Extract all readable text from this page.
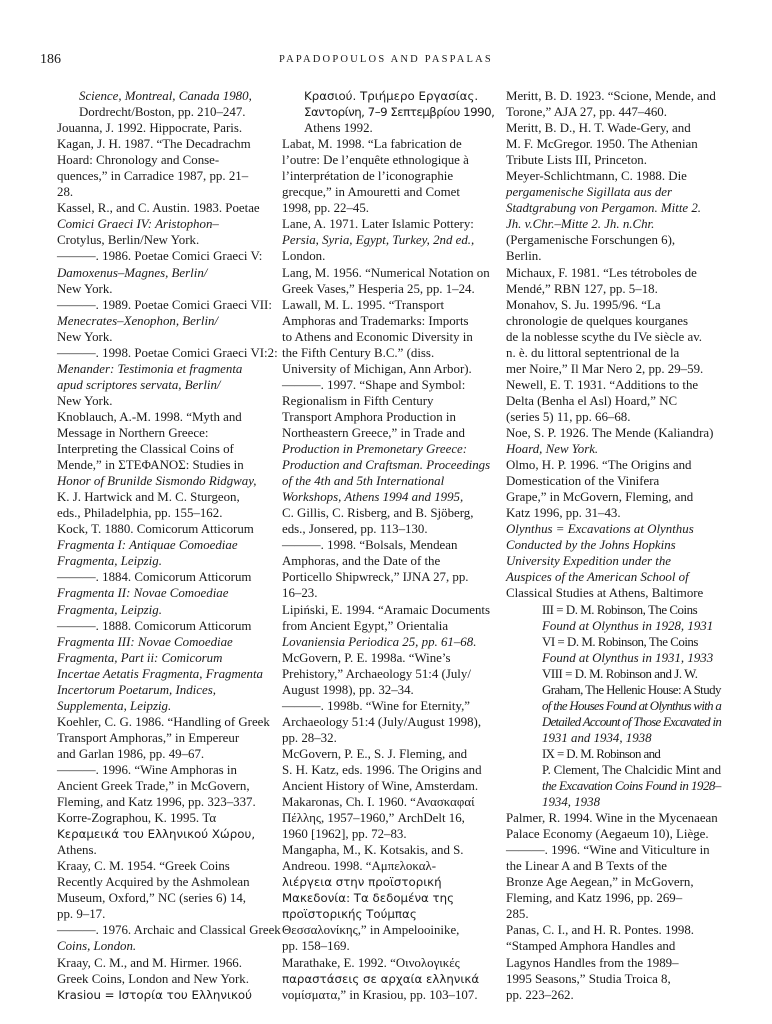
186	PAPADOPOULOS AND PASPALAS
Science, Montreal, Canada 1980,
Dordrecht/Boston, pp. 210–247.
Jouanna, J. 1992. Hippocrate, Paris.
Kagan, J. H. 1987. “The Decadrachm
Hoard: Chronology and Conse-
quences,” in Carradice 1987, pp. 21–
28.
Kassel, R., and C. Austin. 1983. Poetae
Comici Graeci IV: Aristophon–
Crotylus, Berlin/New York.
———. 1986. Poetae Comici Graeci V:
Damoxenus–Magnes, Berlin/
New York.
———. 1989. Poetae Comici Graeci VII:
Menecrates–Xenophon, Berlin/
New York.
———. 1998. Poetae Comici Graeci VI:2:
Menander: Testimonia et fragmenta
apud scriptores servata, Berlin/
New York.
Knoblauch, A.-M. 1998. “Myth and
Message in Northern Greece:
Interpreting the Classical Coins of
Mende,” in ΣΤΕΦΑΝΟΣ: Studies in
Honor of Brunilde Sismondo Ridgway,
K. J. Hartwick and M. C. Sturgeon,
eds., Philadelphia, pp. 155–162.
Kock, T. 1880. Comicorum Atticorum
Fragmenta I: Antiquae Comoediae
Fragmenta, Leipzig.
———. 1884. Comicorum Atticorum
Fragmenta II: Novae Comoediae
Fragmenta, Leipzig.
———. 1888. Comicorum Atticorum
Fragmenta III: Novae Comoediae
Fragmenta, Part ii: Comicorum
Incertae Aetatis Fragmenta, Fragmenta
Incertorum Poetarum, Indices,
Supplementa, Leipzig.
Koehler, C. G. 1986. “Handling of Greek
Transport Amphoras,” in Empereur
and Garlan 1986, pp. 49–67.
———. 1996. “Wine Amphoras in
Ancient Greek Trade,” in McGovern,
Fleming, and Katz 1996, pp. 323–337.
Korre-Zographou, K. 1995. Τα
Κεραμεικά του Ελληνικού Χώρου,
Athens.
Kraay, C. M. 1954. “Greek Coins
Recently Acquired by the Ashmolean
Museum, Oxford,” NC (series 6) 14,
pp. 9–17.
———. 1976. Archaic and Classical Greek
Coins, London.
Kraay, C. M., and M. Hirmer. 1966.
Greek Coins, London and New York.
Krasiou = Ιστορία του Ελληνικού
Κρασιού. Τριήμερο Εργασίας.
Σαντορίνη, 7–9 Σεπτεμβρίου 1990,
Athens 1992.
Labat, M. 1998. “La fabrication de
l’outre: De l’enquête ethnologique à
l’interprétation de l’iconographie
grecque,” in Amouretti and Comet
1998, pp. 22–45.
Lane, A. 1971. Later Islamic Pottery:
Persia, Syria, Egypt, Turkey, 2nd ed.,
London.
Lang, M. 1956. “Numerical Notation on
Greek Vases,” Hesperia 25, pp. 1–24.
Lawall, M. L. 1995. “Transport
Amphoras and Trademarks: Imports
to Athens and Economic Diversity in
the Fifth Century B.C.” (diss.
University of Michigan, Ann Arbor).
———. 1997. “Shape and Symbol:
Regionalism in Fifth Century
Transport Amphora Production in
Northeastern Greece,” in Trade and
Production in Premonetary Greece:
Production and Craftsman. Proceedings
of the 4th and 5th International
Workshops, Athens 1994 and 1995,
C. Gillis, C. Risberg, and B. Sjöberg,
eds., Jonsered, pp. 113–130.
———. 1998. “Bolsals, Mendean
Amphoras, and the Date of the
Porticello Shipwreck,” IJNA 27, pp.
16–23.
Lipiński, E. 1994. “Aramaic Documents
from Ancient Egypt,” Orientalia
Lovaniensia Periodica 25, pp. 61–68.
McGovern, P. E. 1998a. “Wine’s
Prehistory,” Archaeology 51:4 (July/
August 1998), pp. 32–34.
———. 1998b. “Wine for Eternity,”
Archaeology 51:4 (July/August 1998),
pp. 28–32.
McGovern, P. E., S. J. Fleming, and
S. H. Katz, eds. 1996. The Origins and
Ancient History of Wine, Amsterdam.
Makaronas, Ch. I. 1960. “Ανασκαφαί
Πέλλης, 1957–1960,” ArchDelt 16,
1960 [1962], pp. 72–83.
Mangapha, M., K. Kotsakis, and S.
Andreou. 1998. “Αμπελοκαλ-
λιέργεια στην προϊστορική
Μακεδονία: Τα δεδομένα της
προϊστορικής Τούμπας
Θεσσαλονίκης,” in Ampelooinike,
pp. 158–169.
Marathake, E. 1992. “Οινολογικές
παραστάσεις σε αρχαία ελληνικά
νομίσματα,” in Krasiou, pp. 103–107.
Meritt, B. D. 1923. “Scione, Mende, and
Torone,” AJA 27, pp. 447–460.
Meritt, B. D., H. T. Wade-Gery, and
M. F. McGregor. 1950. The Athenian
Tribute Lists III, Princeton.
Meyer-Schlichtmann, C. 1988. Die
pergamenische Sigillata aus der
Stadtgrabung von Pergamon. Mitte 2.
Jh. v.Chr.–Mitte 2. Jh. n.Chr.
(Pergamenische Forschungen 6),
Berlin.
Michaux, F. 1981. “Les tétroboles de
Mendé,” RBN 127, pp. 5–18.
Monahov, S. Ju. 1995/96. “La
chronologie de quelques kourganes
de la noblesse scythe du IVe siècle av.
n. è. du littoral septentrional de la
mer Noire,” Il Mar Nero 2, pp. 29–59.
Newell, E. T. 1931. “Additions to the
Delta (Benha el Asl) Hoard,” NC
(series 5) 11, pp. 66–68.
Noe, S. P. 1926. The Mende (Kaliandra)
Hoard, New York.
Olmo, H. P. 1996. “The Origins and
Domestication of the Vinifera
Grape,” in McGovern, Fleming, and
Katz 1996, pp. 31–43.
Olynthus = Excavations at Olynthus
Conducted by the Johns Hopkins
University Expedition under the
Auspices of the American School of
Classical Studies at Athens, Baltimore
III = D. M. Robinson, The Coins
Found at Olynthus in 1928, 1931
VI = D. M. Robinson, The Coins
Found at Olynthus in 1931, 1933
VIII = D. M. Robinson and J. W.
Graham, The Hellenic House: A Study
of the Houses Found at Olynthus with a
Detailed Account of Those Excavated in
1931 and 1934, 1938
IX = D. M. Robinson and
P. Clement, The Chalcidic Mint and
the Excavation Coins Found in 1928–
1934, 1938
Palmer, R. 1994. Wine in the Mycenaean
Palace Economy (Aegaeum 10), Liège.
———. 1996. “Wine and Viticulture in
the Linear A and B Texts of the
Bronze Age Aegean,” in McGovern,
Fleming, and Katz 1996, pp. 269–
285.
Panas, C. I., and H. R. Pontes. 1998.
“Stamped Amphora Handles and
Lagynos Handles from the 1989–
1995 Seasons,” Studia Troica 8,
pp. 223–262.
